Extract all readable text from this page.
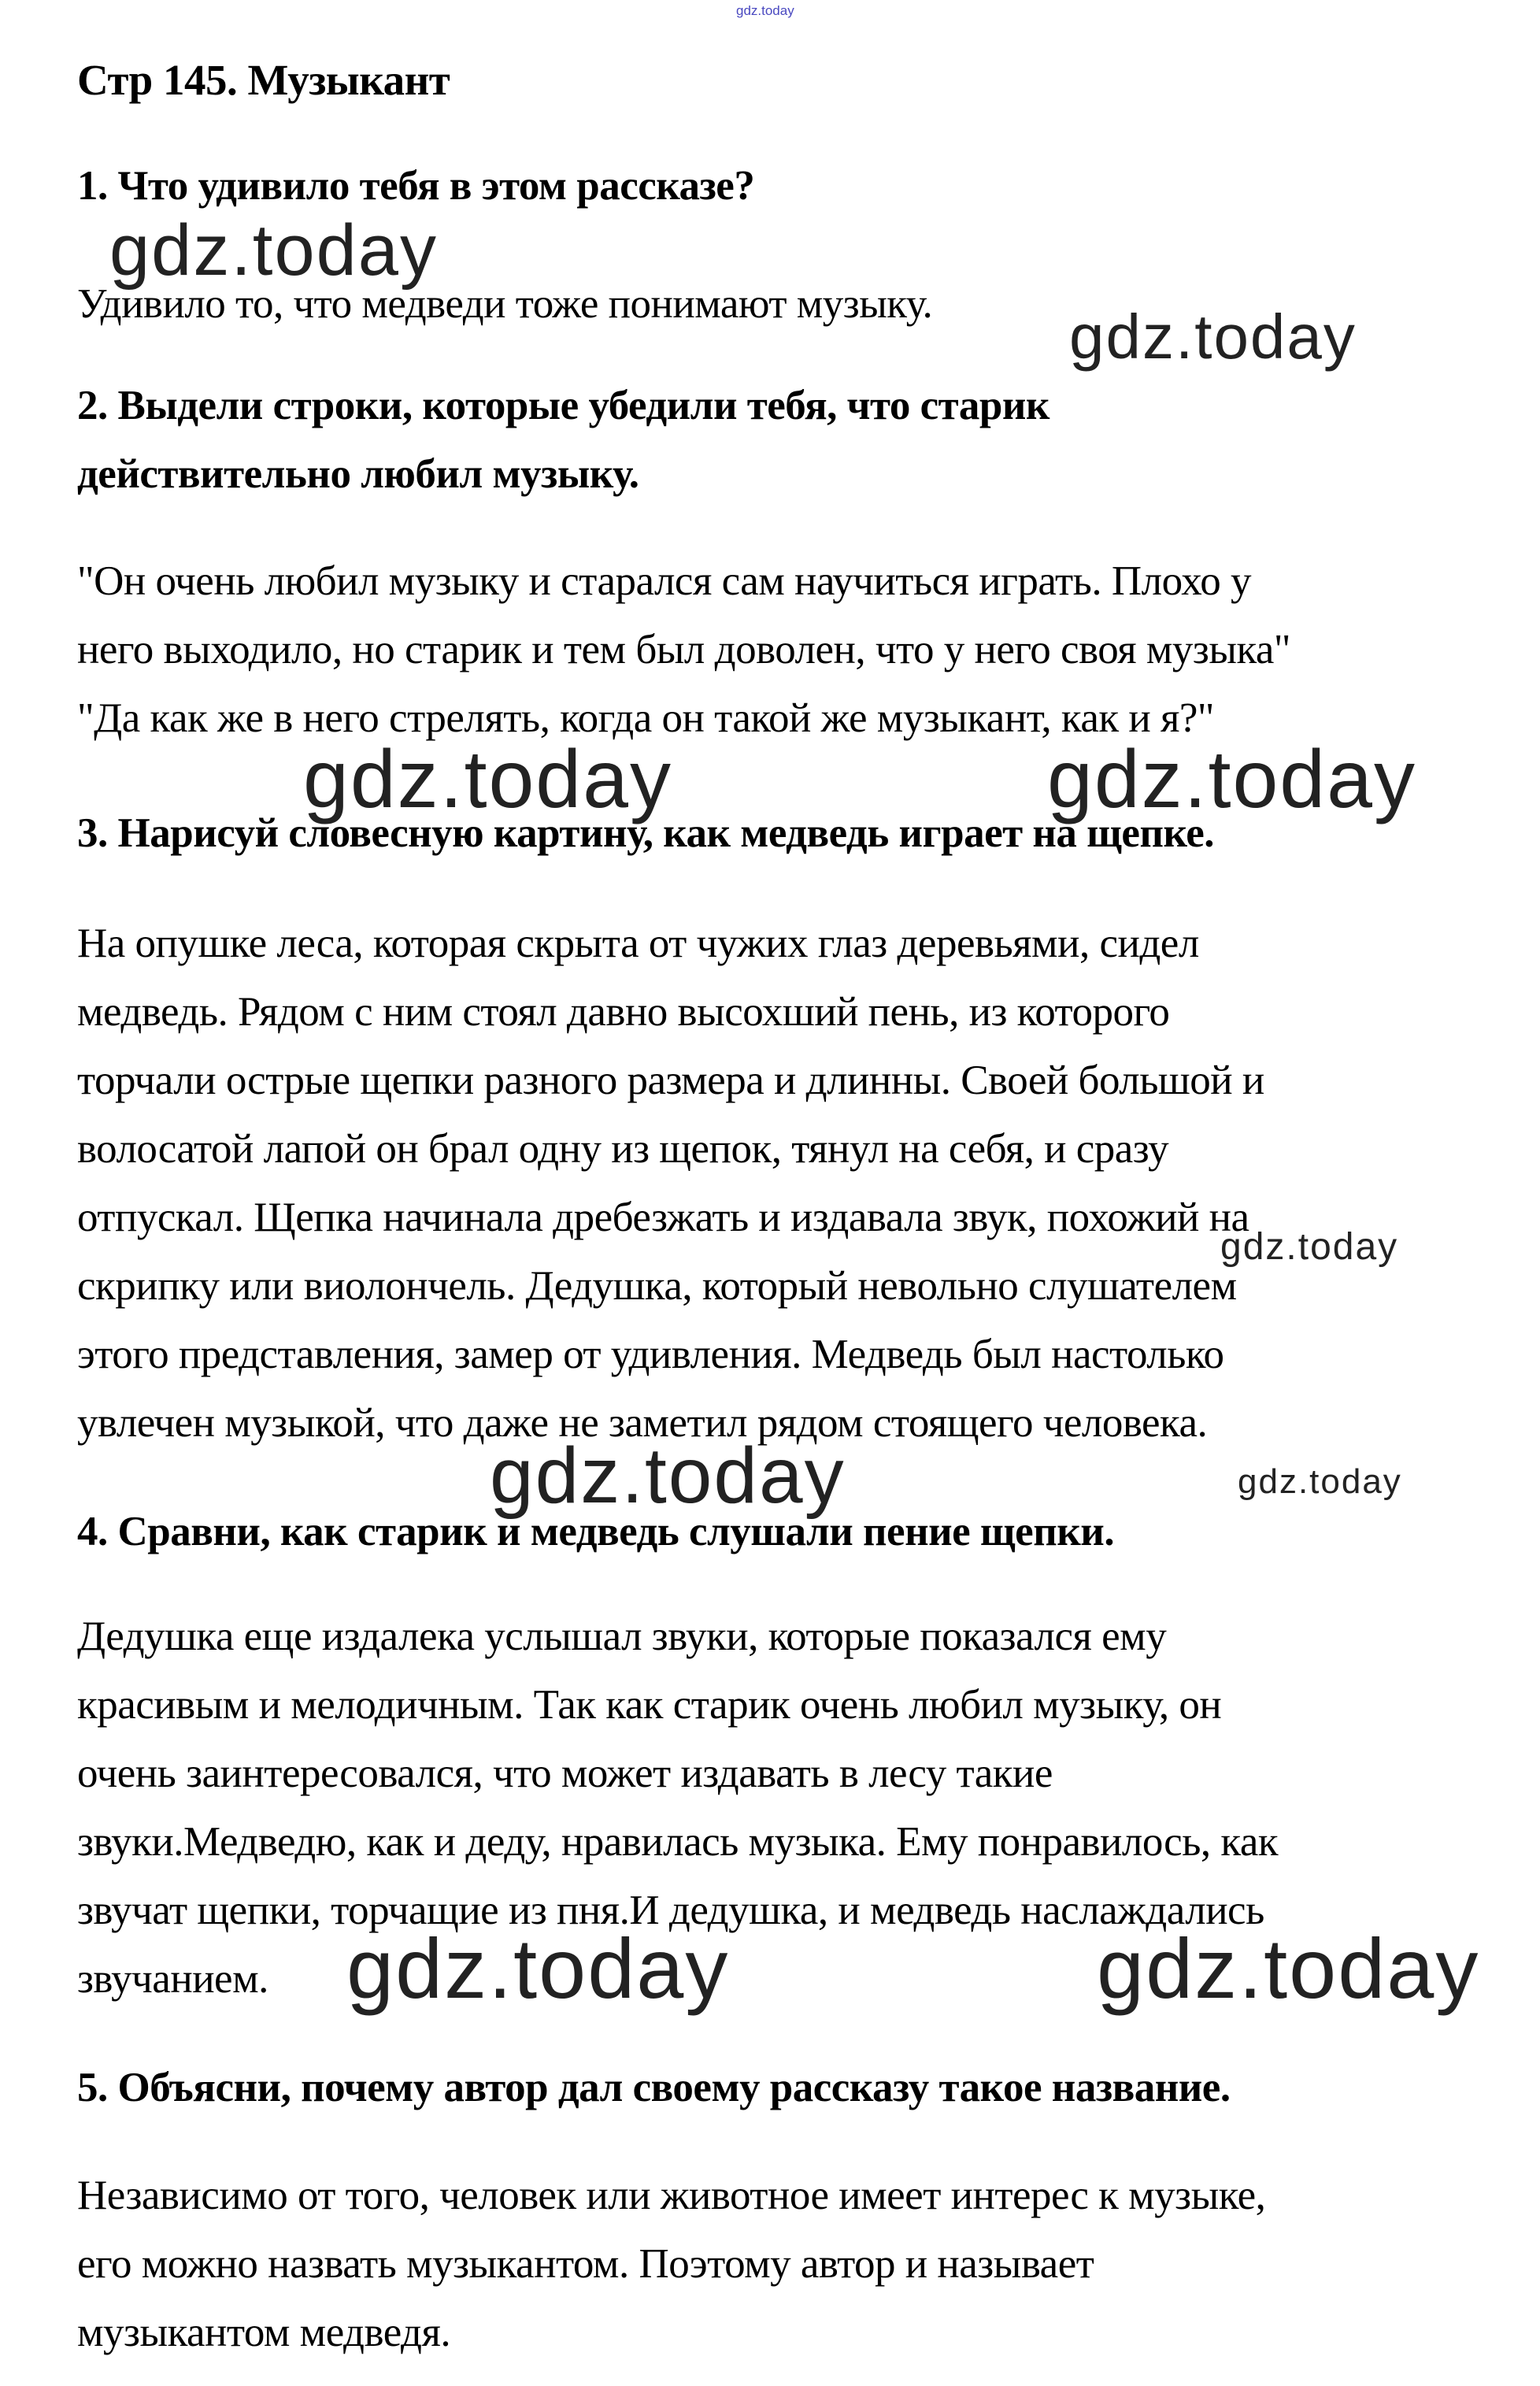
gdz.today
gdz.today
gdz.today
gdz.today	gdz.today
gdz.today
gdz.today	gdz.today
gdz.today	gdz.today
Стр 145. Музыкант
1. Что удивило тебя в этом рассказе?
Удивило то, что медведи тоже понимают музыку.
2. Выдели строки, которые убедили тебя, что старик
действительно любил музыку.
"Он очень любил музыку и старался сам научиться играть. Плохо у
него выходило, но старик и тем был доволен, что у него своя музыка"
"Да как же в него стрелять, когда он такой же музыкант, как и я?"
3. Нарисуй словесную картину, как медведь играет на щепке.
На опушке леса, которая скрыта от чужих глаз деревьями, сидел
медведь. Рядом с ним стоял давно высохший пень, из которого
торчали острые щепки разного размера и длинны. Своей большой и
волосатой лапой он брал одну из щепок, тянул на себя, и сразу
отпускал. Щепка начинала дребезжать и издавала звук, похожий на
скрипку или виолончель. Дедушка, который невольно слушателем
этого представления, замер от удивления. Медведь был настолько
увлечен музыкой, что даже не заметил рядом стоящего человека.
4. Сравни, как старик и медведь слушали пение щепки.
Дедушка еще издалека услышал звуки, которые показался ему
красивым и мелодичным. Так как старик очень любил музыку, он
очень заинтересовался, что может издавать в лесу такие
звуки.Медведю, как и деду, нравилась музыка. Ему понравилось, как
звучат щепки, торчащие из пня.И дедушка, и медведь наслаждались
звучанием.
5. Объясни, почему автор дал своему рассказу такое название.
Независимо от того, человек или животное имеет интерес к музыке,
его можно назвать музыкантом. Поэтому автор и называет
музыкантом медведя.
